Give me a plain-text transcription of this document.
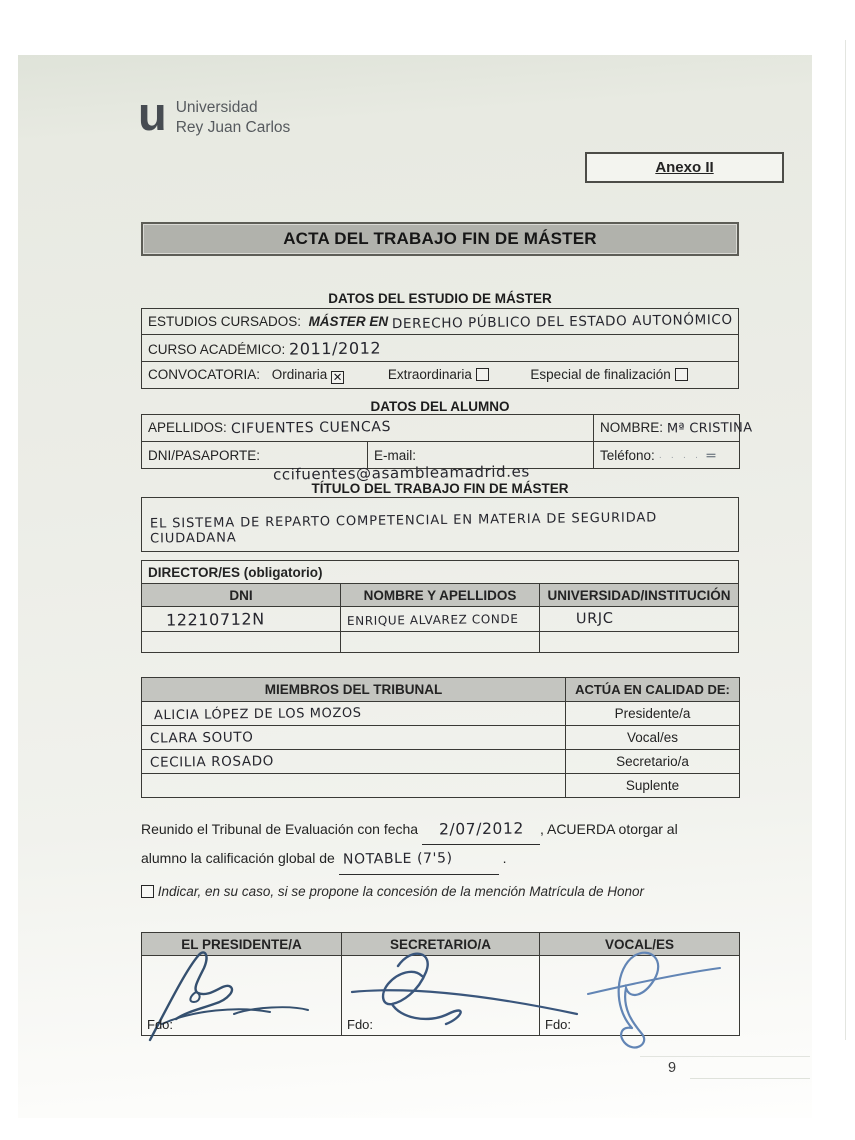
u Universidad
Rey Juan Carlos
Anexo II
ACTA DEL TRABAJO FIN DE MÁSTER
DATOS DEL ESTUDIO DE MÁSTER
ESTUDIOS CURSADOS: MÁSTER EN DERECHO PÚBLICO DEL ESTADO AUTONÓMICO
CURSO ACADÉMICO: 2011/2012
CONVOCATORIA: Ordinaria ✕	Extraordinaria	Especial de finalización
DATOS DEL ALUMNO
APELLIDOS: CIFUENTES CUENCAS		NOMBRE: Mª CRISTINA
DNI/PASAPORTE:	E-mail:	Teléfono: · · · · ＝
ccifuentes@asambleamadrid.es
TÍTULO DEL TRABAJO FIN DE MÁSTER
EL SISTEMA DE REPARTO COMPETENCIAL EN MATERIA DE SEGURIDAD CIUDADANA
DIRECTOR/ES (obligatorio)		
DNI	NOMBRE Y APELLIDOS	UNIVERSIDAD/INSTITUCIÓN
12210712N	ENRIQUE ALVAREZ CONDE	URJC

MIEMBROS DEL TRIBUNAL	ACTÚA EN CALIDAD DE:
ALICIA LÓPEZ DE LOS MOZOS	Presidente/a
CLARA SOUTO	Vocal/es
CECILIA ROSADO	Secretario/a
	Suplente
Reunido el Tribunal de Evaluación con fecha 2/07/2012 , ACUERDA otorgar al
alumno la calificación global de NOTABLE (7'5)	.
Indicar, en su caso, si se propone la concesión de la mención Matrícula de Honor
EL PRESIDENTE/A	SECRETARIO/A	VOCAL/ES

Fdo:	Fdo:	Fdo:
9
